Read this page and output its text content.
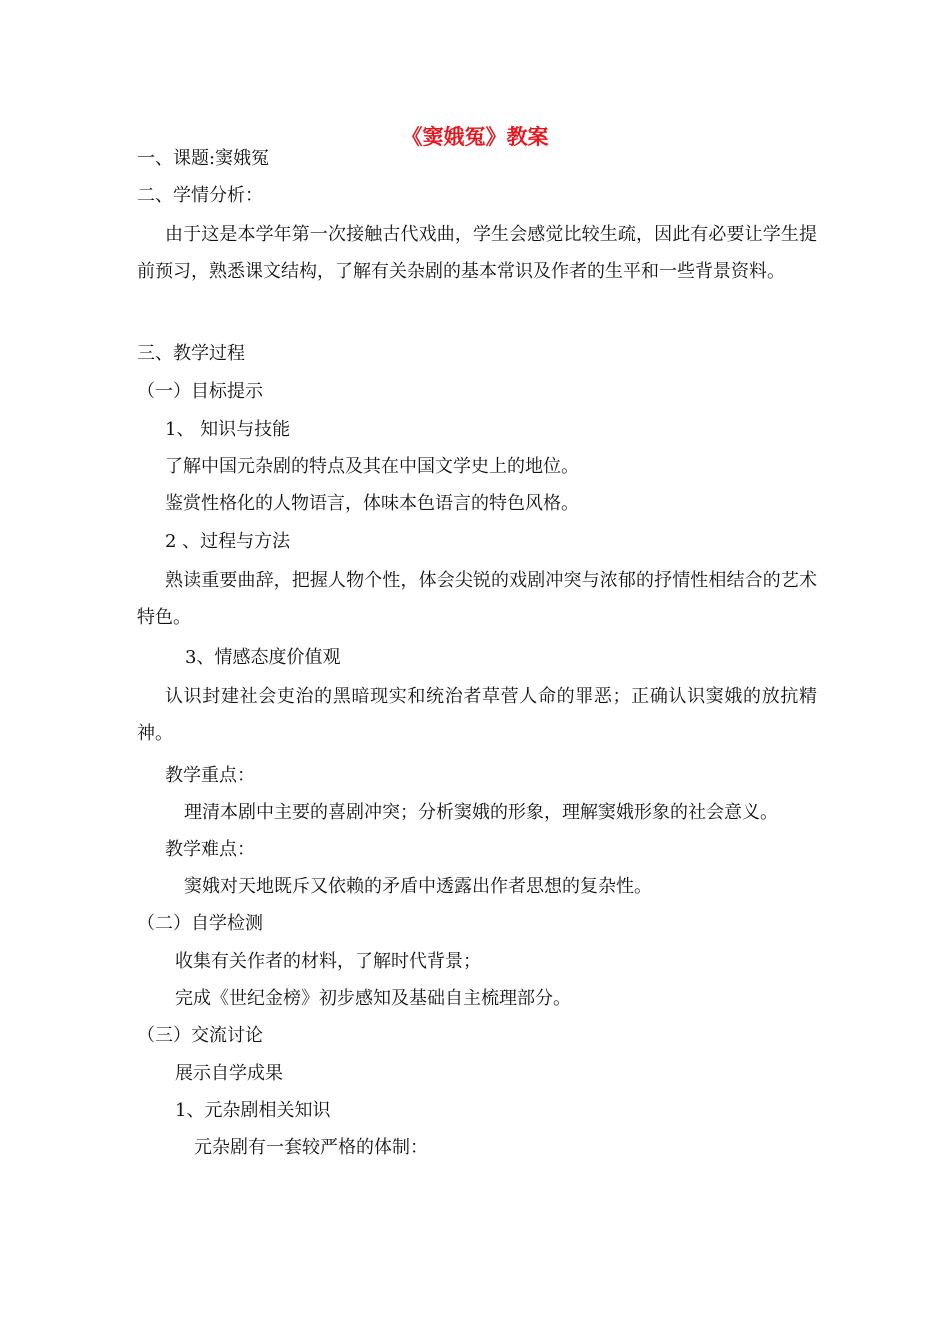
《窦娥冤》教案
一、课题:窦娥冤
二、学情分析：
由于这是本学年第一次接触古代戏曲，学生会感觉比较生疏，因此有必要让学生提前预习，熟悉课文结构，了解有关杂剧的基本常识及作者的生平和一些背景资料。
三、教学过程
（一）目标提示
1、 知识与技能
了解中国元杂剧的特点及其在中国文学史上的地位。
鉴赏性格化的人物语言，体味本色语言的特色风格。
2 、过程与方法
熟读重要曲辞，把握人物个性，体会尖锐的戏剧冲突与浓郁的抒情性相结合的艺术特色。
3、情感态度价值观
认识封建社会吏治的黑暗现实和统治者草菅人命的罪恶；正确认识窦娥的放抗精神。
教学重点：
理清本剧中主要的喜剧冲突；分析窦娥的形象，理解窦娥形象的社会意义。
教学难点：
窦娥对天地既斥又依赖的矛盾中透露出作者思想的复杂性。
（二）自学检测
收集有关作者的材料，了解时代背景；
完成《世纪金榜》初步感知及基础自主梳理部分。
（三）交流讨论
展示自学成果
1、元杂剧相关知识
元杂剧有一套较严格的体制：
